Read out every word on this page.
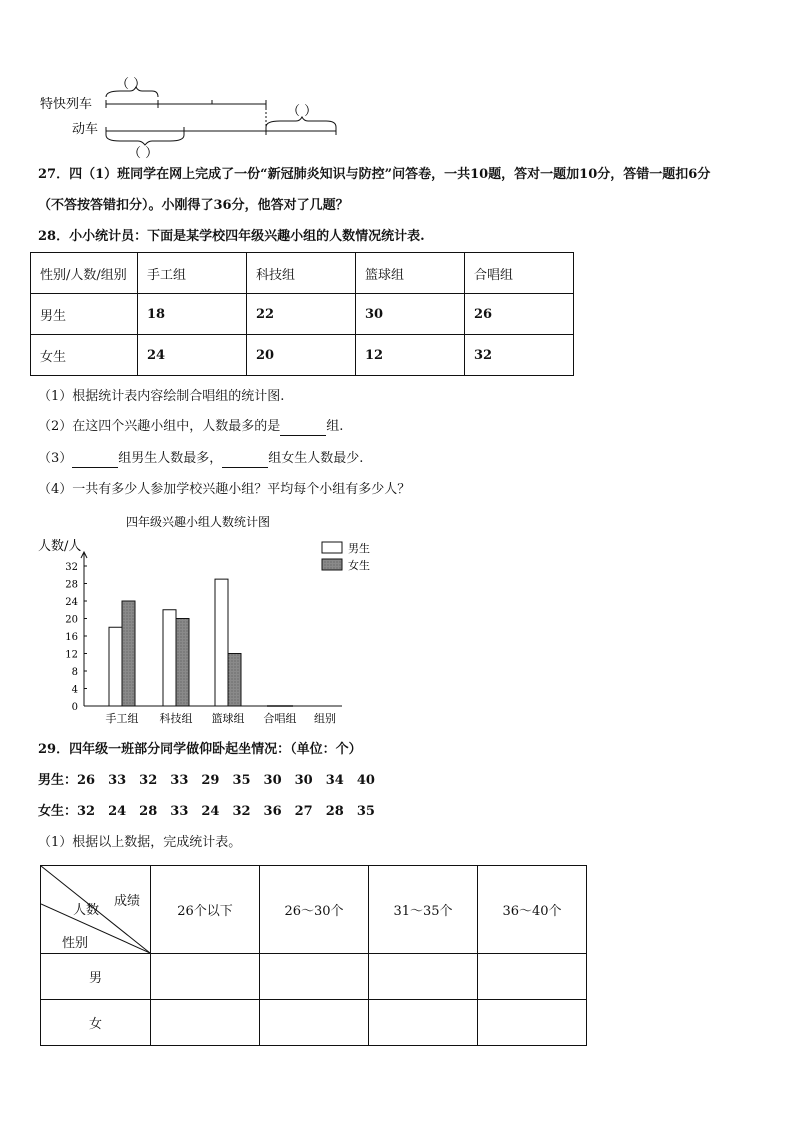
特快列车
动车
（ ）
（ ）
（ ）
27．四（1）班同学在网上完成了一份“新冠肺炎知识与防控”问答卷，一共10题，答对一题加10分，答错一题扣6分
（不答按答错扣分）。小刚得了36分，他答对了几题？
28．小小统计员：下面是某学校四年级兴趣小组的人数情况统计表.
性别/人数/组别	手工组	科技组	篮球组	合唱组
男生	18	22	30	26
女生	24	20	12	32
（1）根据统计表内容绘制合唱组的统计图.
（2）在这四个兴趣小组中，人数最多的是	组.
（3）	组男生人数最多，	组女生人数最少.
（4）一共有多少人参加学校兴趣小组？平均每个小组有多少人？
四年级兴趣小组人数统计图
人数/人
组别
0
4
8
12
16
20
24
28
32
手工组 科技组 篮球组 合唱组
男生
女生
29．四年级一班部分同学做仰卧起坐情况：（单位：个）
男生：26　33　32　33　29　35　30　30　34　40
女生：32　24　28　33　24　32　36　27　28　35
（1）根据以上数据，完成统计表。
成绩
人数
性别	26个以下	26～30个	31～35个	36～40个
男				
女				
